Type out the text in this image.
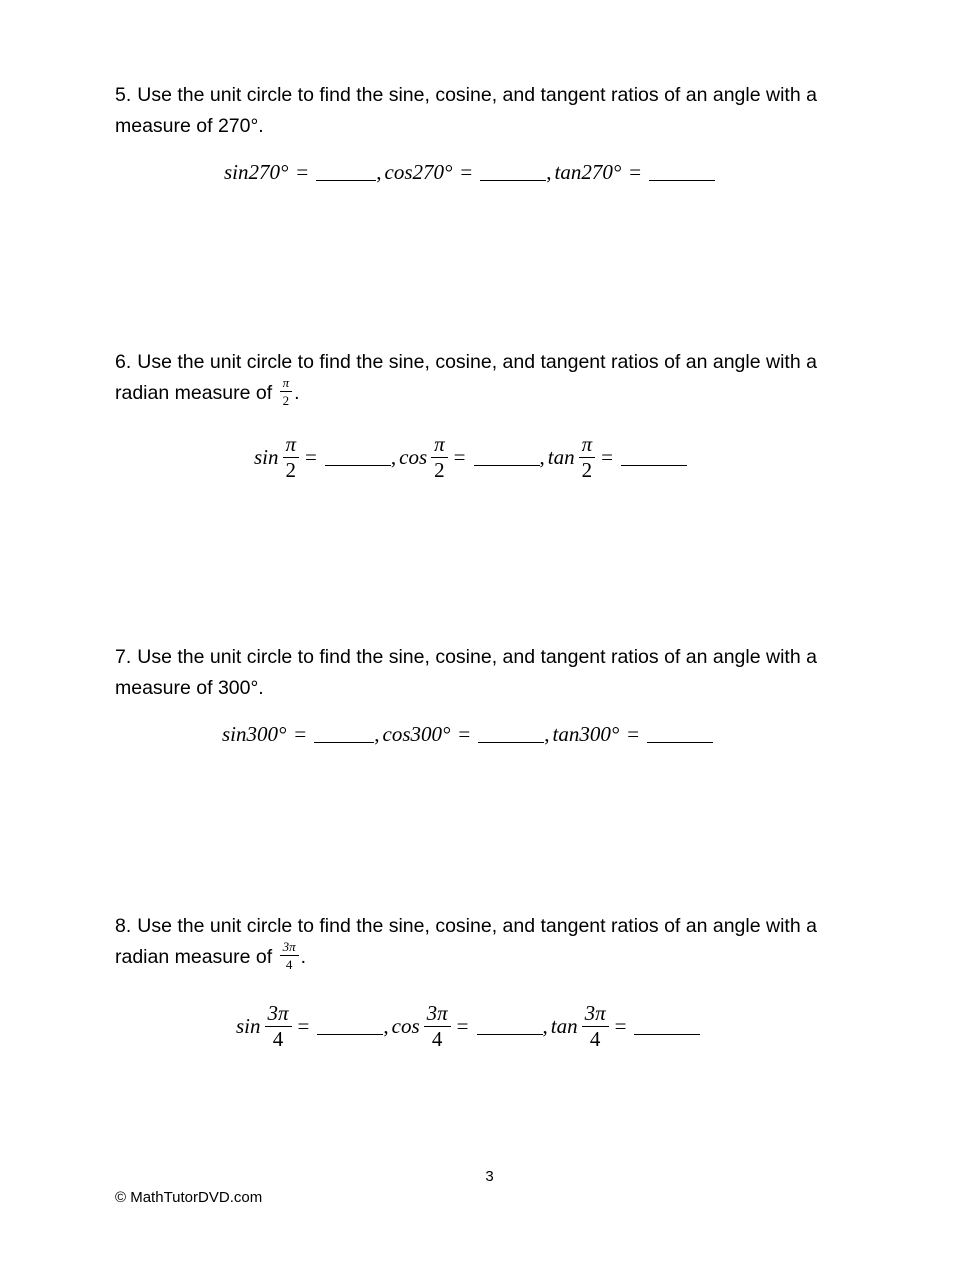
5. Use the unit circle to find the sine, cosine, and tangent ratios of an angle with a
measure of 270°.

sin270° =	, cos270° =	, tan270° =

6. Use the unit circle to find the sine, cosine, and tangent ratios of an angle with a
radian measure of $\frac{\pi}{2}$ .

$\sin \frac{\pi}{2}$ =	, $\cos \frac{\pi}{2}$ =	, $\tan \frac{\pi}{2}$ =

7. Use the unit circle to find the sine, cosine, and tangent ratios of an angle with a
measure of 300°.

sin300° =	, cos300° =	, tan300° =

8. Use the unit circle to find the sine, cosine, and tangent ratios of an angle with a
radian measure of $\frac{3\pi}{4}$ .

$\sin \frac{3\pi}{4}$ =	, $\cos \frac{3\pi}{4}$ =	, $\tan \frac{3\pi}{4}$ =
3
© MathTutorDVD.com
